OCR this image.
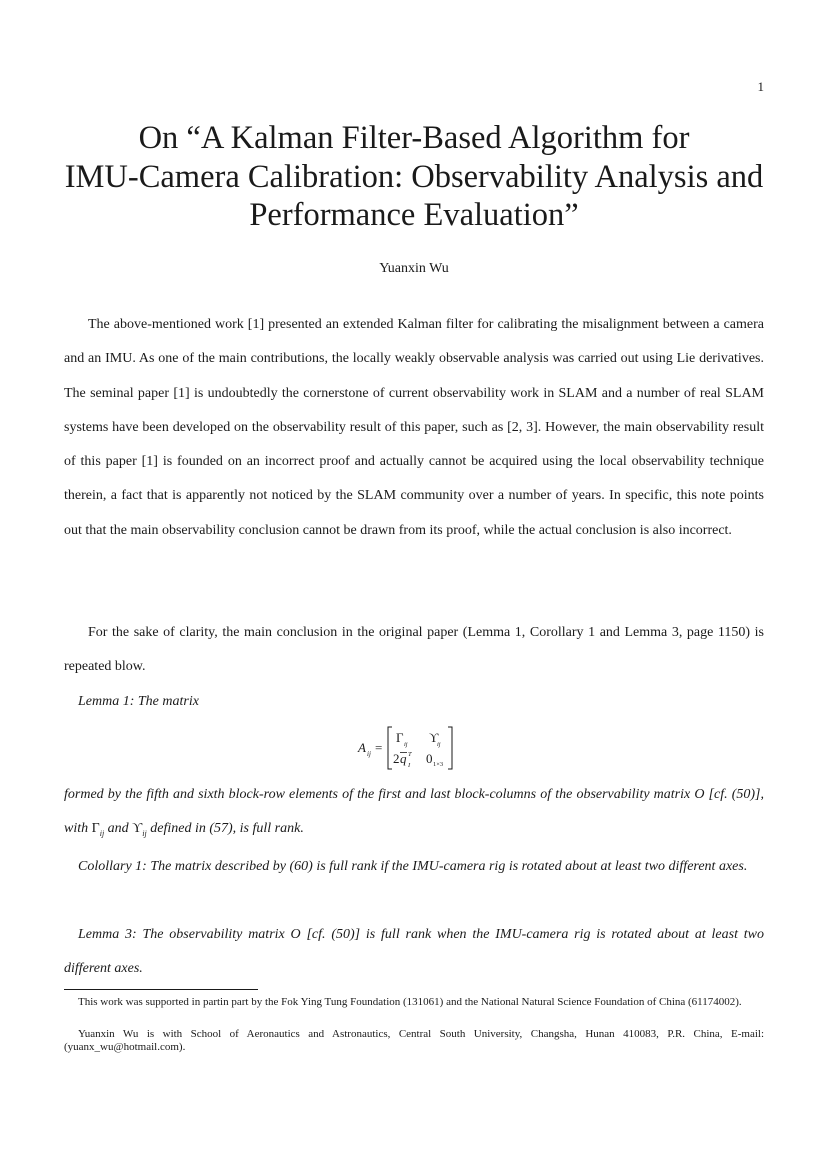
1
On “A Kalman Filter-Based Algorithm for
IMU-Camera Calibration: Observability Analysis and
Performance Evaluation”
Yuanxin Wu

The above-mentioned work [1] presented an extended Kalman filter for calibrating the misalignment between a camera and an IMU. As one of the main contributions, the locally weakly observable analysis was carried out using Lie derivatives. The seminal paper [1] is undoubtedly the cornerstone of current observability work in SLAM and a number of real SLAM systems have been developed on the observability result of this paper, such as [2, 3]. However, the main observability result of this paper [1] is founded on an incorrect proof and actually cannot be acquired using the local observability technique therein, a fact that is apparently not noticed by the SLAM community over a number of years. In specific, this note points out that the main observability conclusion cannot be drawn from its proof, while the actual conclusion is also incorrect.

For the sake of clarity, the main conclusion in the original paper (Lemma 1, Corollary 1 and Lemma 3, page 1150) is repeated blow.

Lemma 1: The matrix

A ij =
Γ ij ϒ
ij
2 q T
I 0 1×3

formed by the fifth and sixth block-row elements of the first and last block-columns of the observability matrix O [cf. (50)], with $\Gamma_{ij}$ and $ϒ_{ij}$ defined in (57), is full rank.

Colollary 1: The matrix described by (60) is full rank if the IMU-camera rig is rotated about at least two different axes.

Lemma 3: The observability matrix O [cf. (50)] is full rank when the IMU-camera rig is rotated about at least two different axes.

This work was supported in partin part by the Fok Ying Tung Foundation (131061) and the National Natural Science Foundation of China (61174002).

Yuanxin Wu is with School of Aeronautics and Astronautics, Central South University, Changsha, Hunan 410083, P.R. China, E-mail: (yuanx_wu@hotmail.com).
